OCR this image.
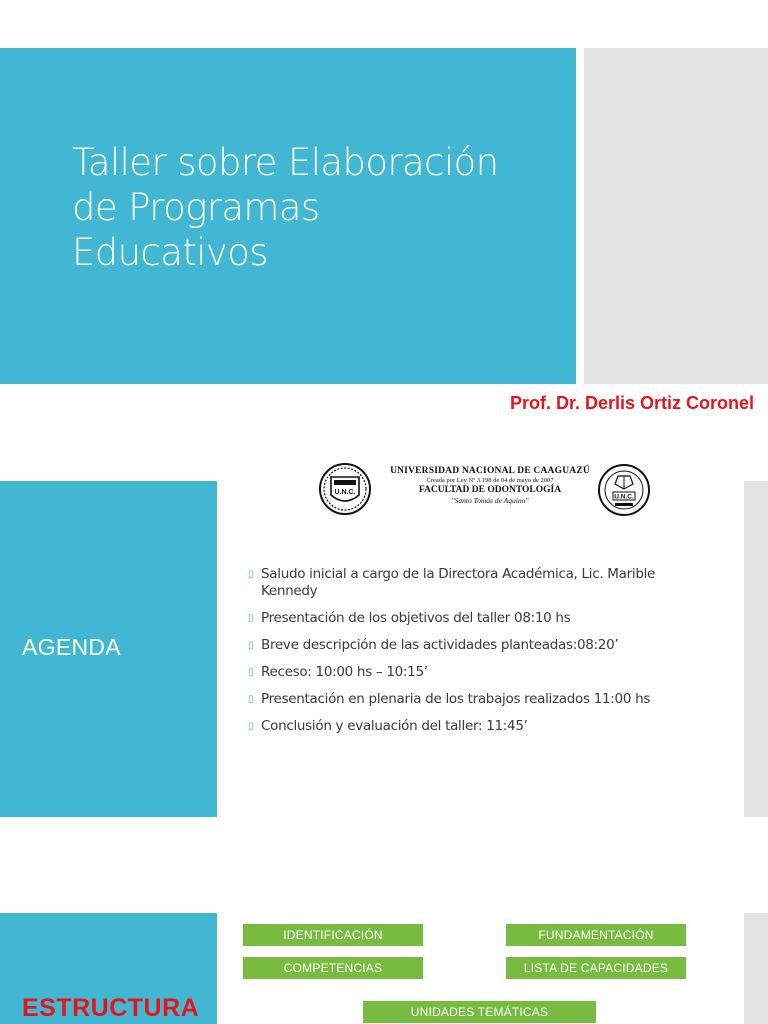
Taller sobre Elaboración
de Programas
Educativos
Prof. Dr. Derlis Ortiz Coronel
U.N.C.
UNIVERSIDAD NACIONAL DE CAAGUAZÚ
Creada por Ley Nº 3.198 de 04 de mayo de 2007
FACULTAD DE ODONTOLOGÍA
"Santo Tomás de Aquino"	U.N.C.
AGENDA
▯ Saludo inicial a cargo de la Directora Académica, Lic. Marible Kennedy
▯ Presentación de los objetivos del taller 08:10 hs
▯ Breve descripción de las actividades planteadas:08:20’
▯ Receso: 10:00 hs – 10:15’
▯ Presentación en plenaria de los trabajos realizados 11:00 hs
▯ Conclusión y evaluación del taller: 11:45’
ESTRUCTURA
IDENTIFICACIÓN	FUNDAMENTACIÓN
COMPETENCIAS	LISTA DE CAPACIDADES
UNIDADES TEMÁTICAS
